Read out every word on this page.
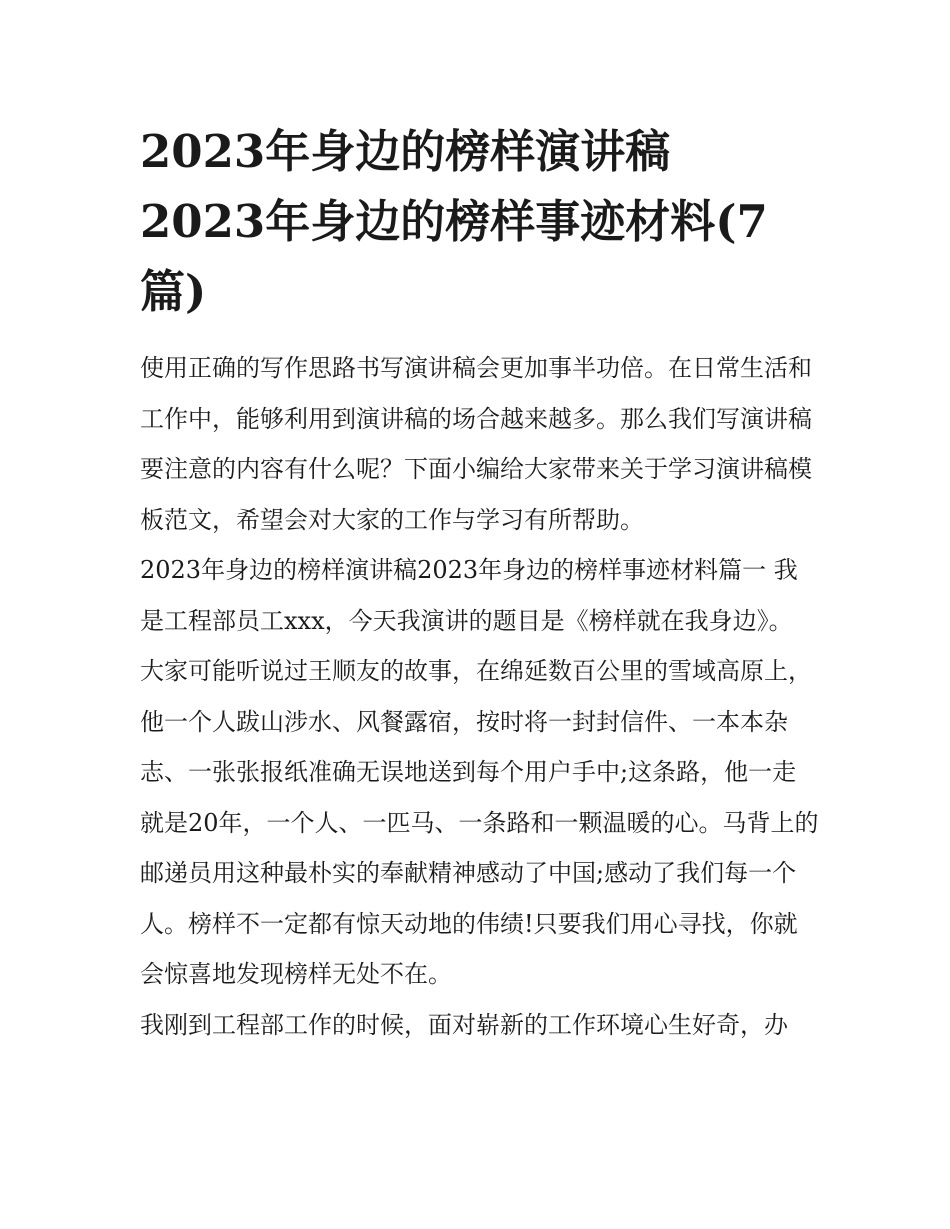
2023年身边的榜样演讲稿
2023年身边的榜样事迹材料(7篇)

使用正确的写作思路书写演讲稿会更加事半功倍。在日常生活和工作中，能够利用到演讲稿的场合越来越多。那么我们写演讲稿要注意的内容有什么呢？下面小编给大家带来关于学习演讲稿模板范文，希望会对大家的工作与学习有所帮助。

2023年身边的榜样演讲稿2023年身边的榜样事迹材料篇一 我是工程部员工xxx，今天我演讲的题目是《榜样就在我身边》。

大家可能听说过王顺友的故事，在绵延数百公里的雪域高原上，他一个人跋山涉水、风餐露宿，按时将一封封信件、一本本杂志、一张张报纸准确无误地送到每个用户手中;这条路，他一走就是20年，一个人、一匹马、一条路和一颗温暖的心。马背上的邮递员用这种最朴实的奉献精神感动了中国;感动了我们每一个人。榜样不一定都有惊天动地的伟绩!只要我们用心寻找，你就会惊喜地发现榜样无处不在。

我刚到工程部工作的时候，面对崭新的工作环境心生好奇，办
